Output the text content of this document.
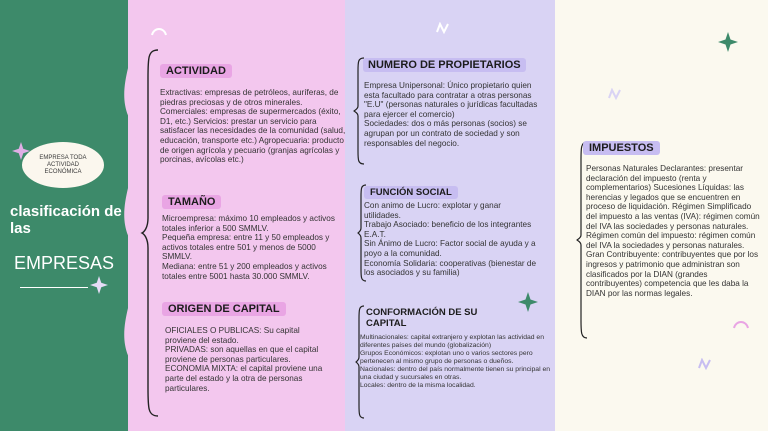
EMPRESA TODA ACTIVIDAD ECONÓMICA
clasificación de las
EMPRESAS
ACTIVIDAD
Extractivas: empresas de petróleos, auríferas, de piedras preciosas y de otros minerales. Comerciales: empresas de supermercados (éxito, D1, etc.) Servicios: prestar un servicio para satisfacer las necesidades de la comunidad (salud, educación, transporte etc.) Agropecuaria: producto de origen agrícola y pecuario (granjas agrícolas y porcinas, avícolas etc.)
TAMAÑO
Microempresa: máximo 10 empleados y activos totales inferior a 500 SMMLV.
Pequeña empresa: entre 11 y 50 empleados y activos totales entre 501 y menos de 5000 SMMLV.
Mediana: entre 51 y 200 empleados y activos totales entre 5001 hasta 30.000 SMMLV.
ORIGEN DE CAPITAL
OFICIALES O PUBLICAS: Su capital proviene del estado.
PRIVADAS: son aquellas en que el capital proviene de personas particulares.
ECONOMIA MIXTA: el capital proviene una parte del estado y la otra de personas particulares.
NUMERO DE PROPIETARIOS
Empresa Unipersonal: Único propietario quien esta facultado para contratar a otras personas "E.U" (personas naturales o jurídicas facultadas para ejercer el comercio)
Sociedades: dos o más personas (socios) se agrupan por un contrato de sociedad y son responsables del negocio.
FUNCIÓN SOCIAL
Con animo de Lucro: explotar y ganar utilidades.
Trabajo Asociado: beneficio de los integrantes E.A.T.
Sin Ánimo de Lucro: Factor social de ayuda y a poyo a la comunidad.
Economía Solidaria: cooperativas (bienestar de los asociados y su familia)
CONFORMACIÓN DE SU CAPITAL
Multinacionales: capital extranjero y explotan las actividad en diferentes países del mundo (globalización)
Grupos Económicos: explotan uno o varios sectores pero pertenecen al mismo grupo de personas o dueños.
Nacionales: dentro del país normalmente tienen su principal en una ciudad y sucursales en otras.
Locales: dentro de la misma localidad.
IMPUESTOS
Personas Naturales Declarantes: presentar declaración del impuesto (renta y complementarios) Sucesiones Líquidas: las herencias y legados que se encuentren en proceso de liquidación. Régimen Simplificado del impuesto a las ventas (IVA): régimen común del IVA las sociedades y personas naturales. Régimen común del impuesto: régimen común del IVA la sociedades y personas naturales. Gran Contribuyente: contribuyentes que por los ingresos y patrimonio que administran son clasificados por la DIAN (grandes contribuyentes) competencia que les daba la DIAN por las normas legales.
